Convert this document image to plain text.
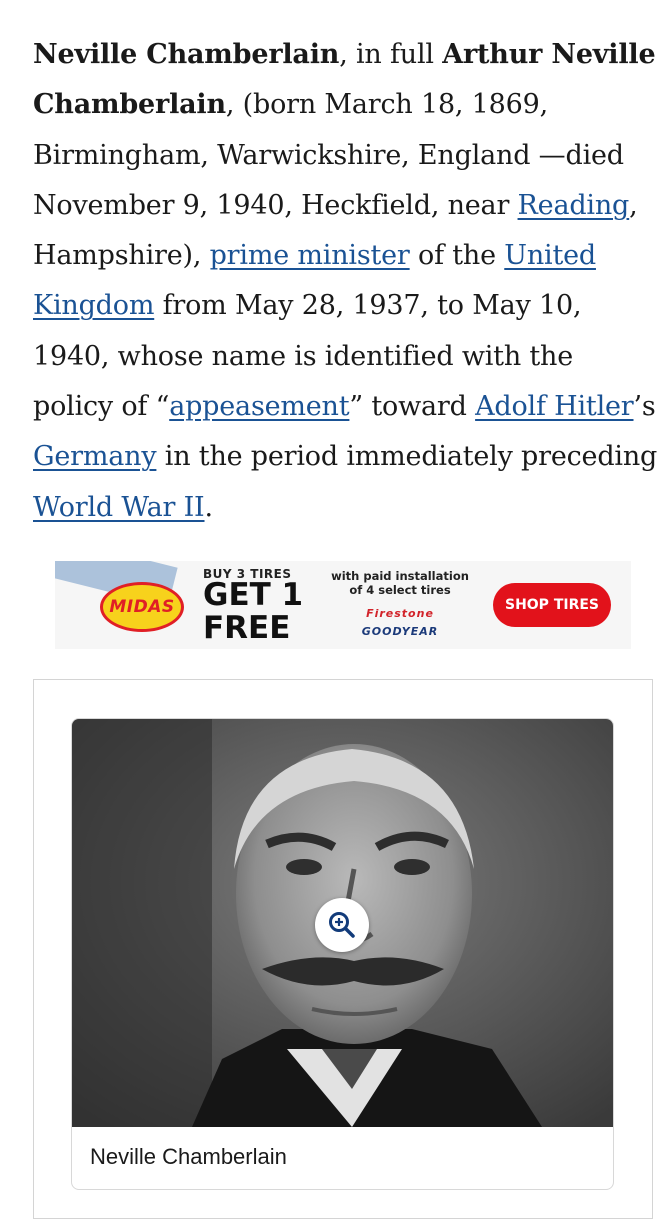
Neville Chamberlain, in full Arthur Neville Chamberlain, (born March 18, 1869, Birmingham, Warwickshire, England —died November 9, 1940, Heckfield, near Reading, Hampshire), prime minister of the United Kingdom from May 28, 1937, to May 10, 1940, whose name is identified with the policy of “appeasement” toward Adolf Hitler’s Germany in the period immediately preceding World War II.
MIDAS
BUY 3 TIRES
GET 1
FREE
with paid installation of 4 select tires
Firestone
GOODYEAR
SHOP TIRES
Neville Chamberlain
